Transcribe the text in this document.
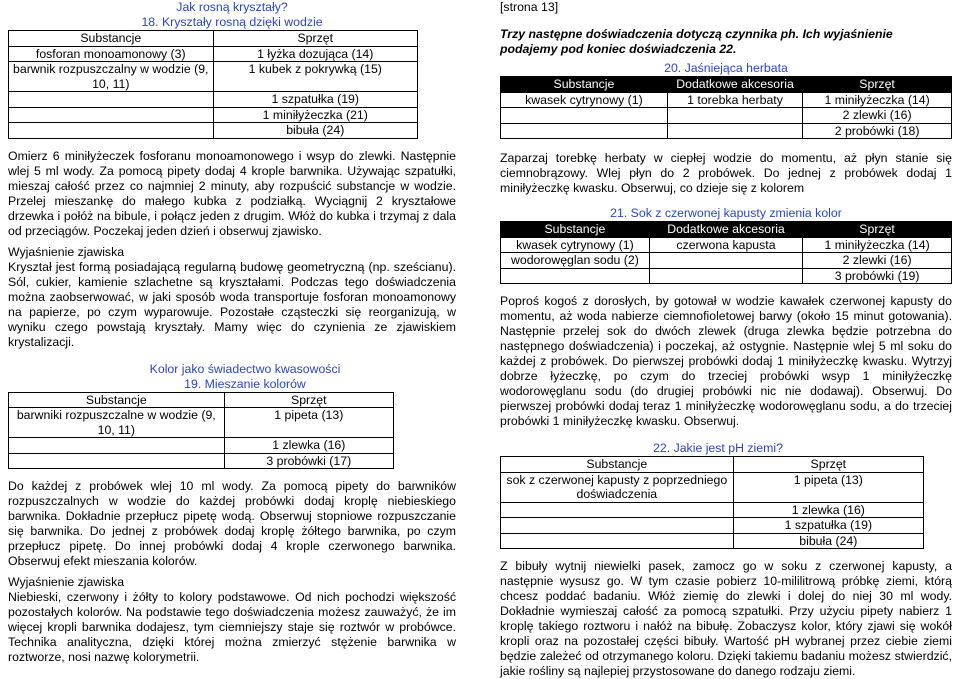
Jak rosną kryształy?
18. Kryształy rosną dzięki wodzie
Substancje	Sprzęt
fosforan monoamonowy (3)	1 łyżka dozująca (14)
barwnik rozpuszczalny w wodzie (9, 10, 11)	1 kubek z pokrywką (15)
	1 szpatułka (19)
	1 miniłyżeczka (21)
	bibuła (24)

Omierz 6 miniłyżeczek fosforanu monoamonowego i wsyp do zlewki. Następnie wlej 5 ml wody. Za pomocą pipety dodaj 4 krople barwnika. Używając szpatułki, mieszaj całość przez co najmniej 2 minuty, aby rozpuścić substancje w wodzie. Przelej mieszankę do małego kubka z podziałką. Wyciągnij 2 kryształowe drzewka i połóż na bibule, i połącz jeden z drugim. Włóż do kubka i trzymaj z dala od przeciągów. Poczekaj jeden dzień i obserwuj zjawisko.

Wyjaśnienie zjawiska

Kryształ jest formą posiadającą regularną budowę geometryczną (np. sześcianu). Sól, cukier, kamienie szlachetne są kryształami. Podczas tego doświadczenia można zaobserwować, w jaki sposób woda transportuje fosforan monoamonowy na papierze, po czym wyparowuje. Pozostałe cząsteczki się reorganizują, w wyniku czego powstają kryształy. Mamy więc do czynienia ze zjawiskiem krystalizacji.

Kolor jako świadectwo kwasowości
19. Mieszanie kolorów
Substancje	Sprzęt
barwniki rozpuszczalne w wodzie (9, 10, 11)	1 pipeta (13)
	1 zlewka (16)
	3 probówki (17)

Do każdej z probówek wlej 10 ml wody. Za pomocą pipety do barwników rozpuszczalnych w wodzie do każdej probówki dodaj kroplę niebieskiego barwnika. Dokładnie przepłucz pipetę wodą. Obserwuj stopniowe rozpuszczanie się barwnika. Do jednej z probówek dodaj kroplę żółtego barwnika, po czym przepłucz pipetę. Do innej probówki dodaj 4 krople czerwonego barwnika. Obserwuj efekt mieszania kolorów.

Wyjaśnienie zjawiska

Niebieski, czerwony i żółty to kolory podstawowe. Od nich pochodzi większość pozostałych kolorów. Na podstawie tego doświadczenia możesz zauważyć, że im więcej kropli barwnika dodajesz, tym ciemniejszy staje się roztwór w probówce. Technika analityczna, dzięki której można zmierzyć stężenie barwnika w roztworze, nosi nazwę kolorymetrii.

[strona 13]

Trzy następne doświadczenia dotyczą czynnika ph. Ich wyjaśnienie podajemy pod koniec doświadczenia 22.

20. Jaśniejąca herbata
Substancje	Dodatkowe akcesoria	Sprzęt
kwasek cytrynowy (1)	1 torebka herbaty	1 miniłyżeczka (14)
		2 zlewki (16)
		2 probówki (18)

Zaparzaj torebkę herbaty w ciepłej wodzie do momentu, aż płyn stanie się ciemnobrązowy. Wlej płyn do 2 probówek. Do jednej z probówek dodaj 1 miniłyżeczkę kwasku. Obserwuj, co dzieje się z kolorem

21. Sok z czerwonej kapusty zmienia kolor
Substancje	Dodatkowe akcesoria	Sprzęt
kwasek cytrynowy (1)	czerwona kapusta	1 miniłyżeczka (14)
wodorowęglan sodu (2)		2 zlewki (16)
		3 probówki (19)

Poproś kogoś z dorosłych, by gotował w wodzie kawałek czerwonej kapusty do momentu, aż woda nabierze ciemnofioletowej barwy (około 15 minut gotowania). Następnie przelej sok do dwóch zlewek (druga zlewka będzie potrzebna do następnego doświadczenia) i poczekaj, aż ostygnie. Następnie wlej 5 ml soku do każdej z probówek. Do pierwszej probówki dodaj 1 miniłyżeczkę kwasku. Wytrzyj dobrze łyżeczkę, po czym do trzeciej probówki wsyp 1 miniłyżeczkę wodorowęglanu sodu (do drugiej probówki nic nie dodawaj). Obserwuj. Do pierwszej probówki dodaj teraz 1 miniłyżeczkę wodorowęglanu sodu, a do trzeciej probówki 1 miniłyżeczkę kwasku. Obserwuj.

22. Jakie jest pH ziemi?
Substancje	Sprzęt
sok z czerwonej kapusty z poprzedniego doświadczenia	1 pipeta (13)
	1 zlewka (16)
	1 szpatułka (19)
	bibuła (24)

Z bibuły wytnij niewielki pasek, zamocz go w soku z czerwonej kapusty, a następnie wysusz go. W tym czasie pobierz 10-mililitrową próbkę ziemi, którą chcesz poddać badaniu. Włóż ziemię do zlewki i dolej do niej 30 ml wody. Dokładnie wymieszaj całość za pomocą szpatułki. Przy użyciu pipety nabierz 1 kroplę takiego roztworu i nałóż na bibułę. Zobaczysz kolor, który zjawi się wokół kropli oraz na pozostałej części bibuły. Wartość pH wybranej przez ciebie ziemi będzie zależeć od otrzymanego koloru. Dzięki takiemu badaniu możesz stwierdzić, jakie rośliny są najlepiej przystosowane do danego rodzaju ziemi.
